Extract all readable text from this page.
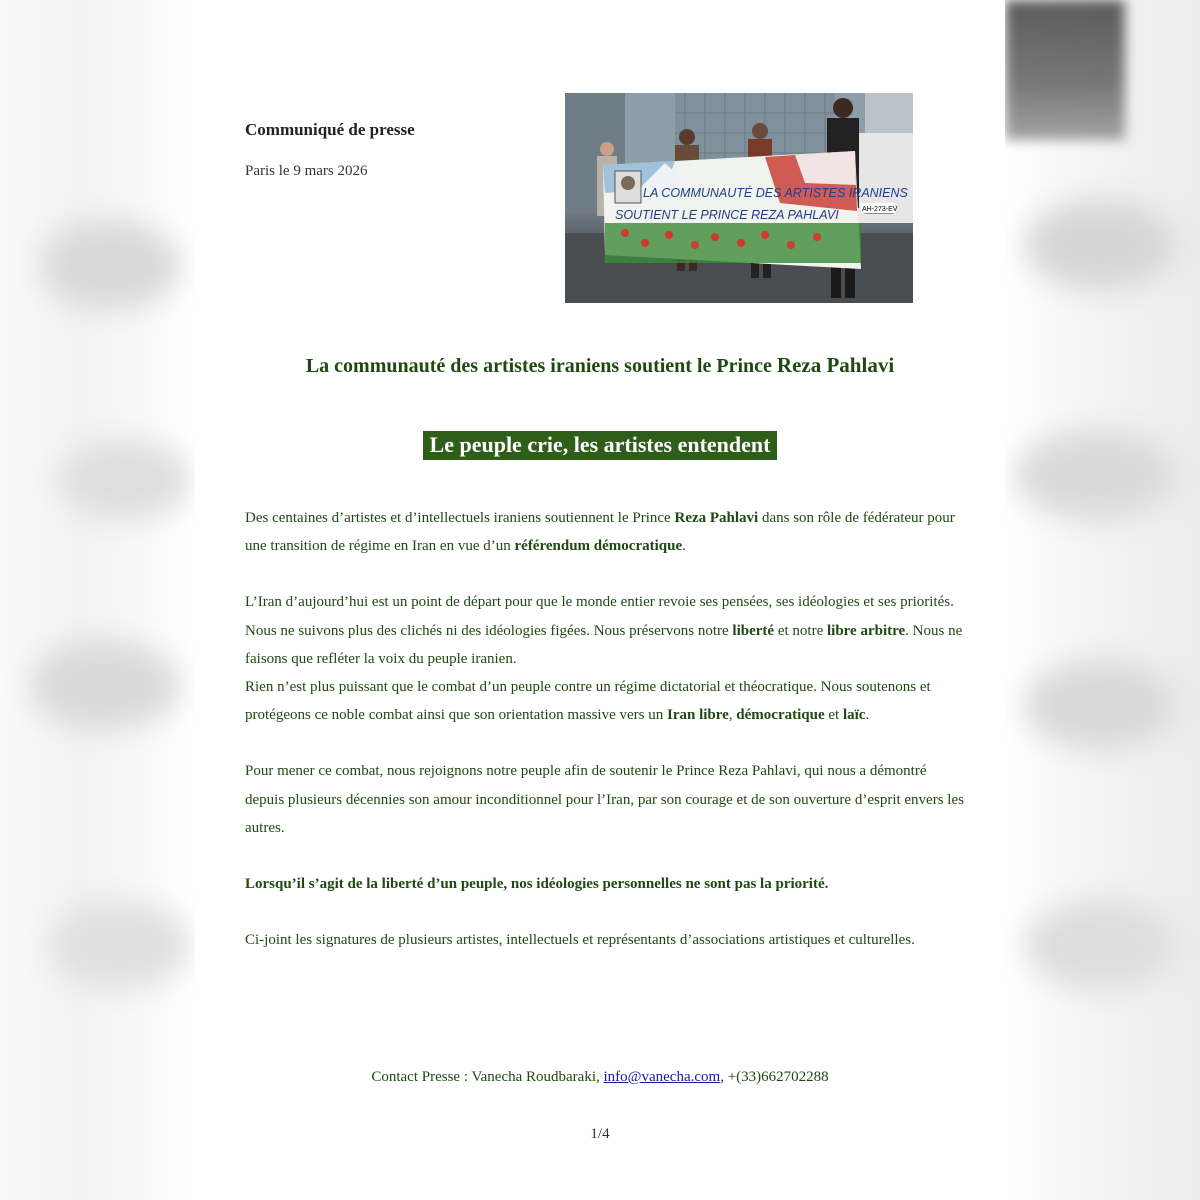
Communiqué de presse
Paris le 9 mars 2026
LA COMMUNAUTÉ DES ARTISTES IRANIENS
SOUTIENT LE PRINCE REZA PAHLAVI	AH-273-EV
La communauté des artistes iraniens soutient le Prince Reza Pahlavi
Le peuple crie, les artistes entendent

Des centaines d’artistes et d’intellectuels iraniens soutiennent le Prince Reza Pahlavi dans son rôle de fédérateur pour une transition de régime en Iran en vue d’un référendum démocratique.

L’Iran d’aujourd’hui est un point de départ pour que le monde entier revoie ses pensées, ses idéologies et ses priorités. Nous ne suivons plus des clichés ni des idéologies figées. Nous préservons notre liberté et notre libre arbitre. Nous ne faisons que refléter la voix du peuple iranien.

Rien n’est plus puissant que le combat d’un peuple contre un régime dictatorial et théocratique. Nous soutenons et protégeons ce noble combat ainsi que son orientation massive vers un Iran libre, démocratique et laïc.

Pour mener ce combat, nous rejoignons notre peuple afin de soutenir le Prince Reza Pahlavi, qui nous a démontré depuis plusieurs décennies son amour inconditionnel pour l’Iran, par son courage et de son ouverture d’esprit envers les autres.

Lorsqu’il s’agit de la liberté d’un peuple, nos idéologies personnelles ne sont pas la priorité.

Ci-joint les signatures de plusieurs artistes, intellectuels et représentants d’associations artistiques et culturelles.

Contact Presse : Vanecha Roudbaraki, info@vanecha.com, +(33)662702288
1/4
